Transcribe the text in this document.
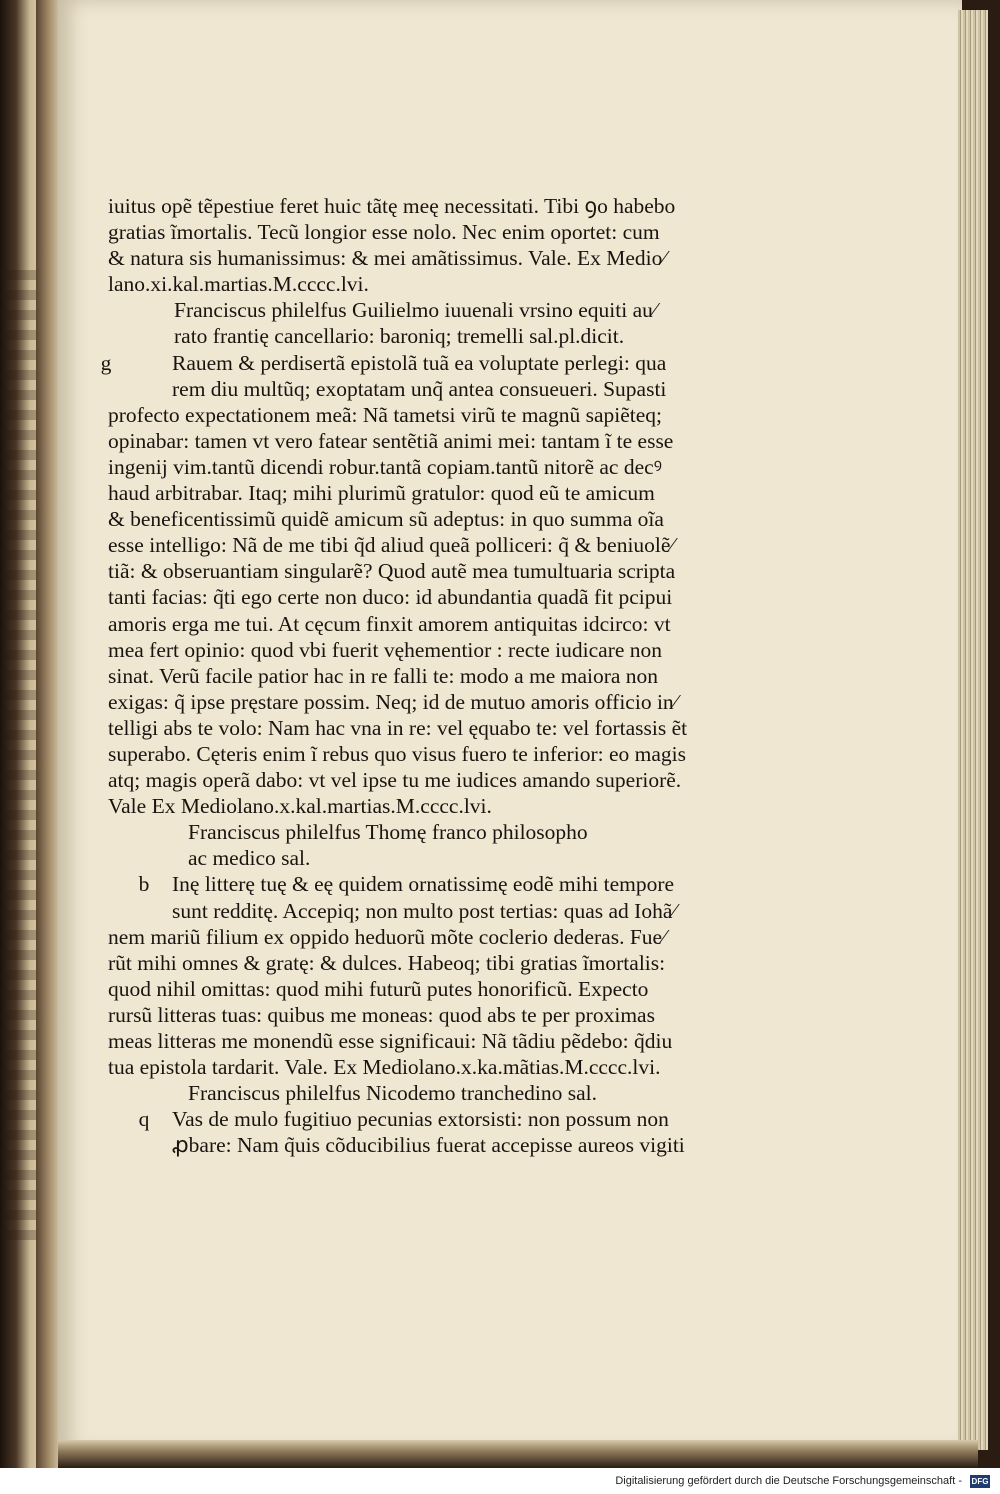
iuitus opẽ tẽpestiue feret huic tãtę meę necessitati. Tibi ꝯo habebo
gratias ĩmortalis. Tecũ longior esse nolo. Nec enim oportet: cum
& natura sis humanissimus: & mei amãtissimus. Vale. Ex Medio⁄
lano.xi.kal.martias.M.cccc.lvi.
Franciscus philelfus Guilielmo iuuenali vrsino equiti au⁄
rato frantię cancellario: baroniq; tremelli sal.pl.dicit.
g	Rauem & perdisertã epistolã tuã ea voluptate perlegi: qua
rem diu multũq; exoptatam unq̃ antea consueueri. Supasti
profecto expectationem meã: Nã tametsi virũ te magnũ sapiẽteq;
opinabar: tamen vt vero fatear sentẽtiã animi mei: tantam ĩ te esse
ingenij vim.tantũ dicendi robur.tantã copiam.tantũ nitorẽ ac decꝰ
haud arbitrabar. Itaq; mihi plurimũ gratulor: quod eũ te amicum
& beneficentissimũ quidẽ amicum sũ adeptus: in quo summa oĩa
esse intelligo: Nã de me tibi q̃d aliud queã polliceri: q̃ & beniuolẽ⁄
tiã: & obseruantiam singularẽ? Quod autẽ mea tumultuaria scripta
tanti facias: q̃ti ego certe non duco: id abundantia quadã fit pcipui
amoris erga me tui. At cęcum finxit amorem antiquitas idcirco: vt
mea fert opinio: quod vbi fuerit vęhementior : recte iudicare non
sinat. Verũ facile patior hac in re falli te: modo a me maiora non
exigas: q̃ ipse pręstare possim. Neq; id de mutuo amoris officio in⁄
telligi abs te volo: Nam hac vna in re: vel ęquabo te: vel fortassis ẽt
superabo. Cęteris enim ĩ rebus quo visus fuero te inferior: eo magis
atq; magis operã dabo: vt vel ipse tu me iudices amando superiorẽ.
Vale Ex Mediolano.x.kal.martias.M.cccc.lvi.
Franciscus philelfus Thomę franco philosopho
ac medico sal.
b Inę litterę tuę & eę quidem ornatissimę eodẽ mihi tempore
sunt redditę. Accepiq; non multo post tertias: quas ad Iohã⁄
nem mariũ filium ex oppido heduorũ mõte coclerio dederas. Fue⁄
rũt mihi omnes & gratę: & dulces. Habeoq; tibi gratias ĩmortalis:
quod nihil omittas: quod mihi futurũ putes honorificũ. Expecto
rursũ litteras tuas: quibus me moneas: quod abs te per proximas
meas litteras me monendũ esse significaui: Nã tãdiu pẽdebo: q̃diu
tua epistola tardarit. Vale. Ex Mediolano.x.ka.mãtias.M.cccc.lvi.
Franciscus philelfus Nicodemo tranchedino sal.
q Vas de mulo fugitiuo pecunias extorsisti: non possum non
ꝓbare: Nam q̃uis cõducibilius fuerat accepisse aureos vigiti
Digitalisierung gefördert durch die Deutsche Forschungsgemeinschaft - DFG
